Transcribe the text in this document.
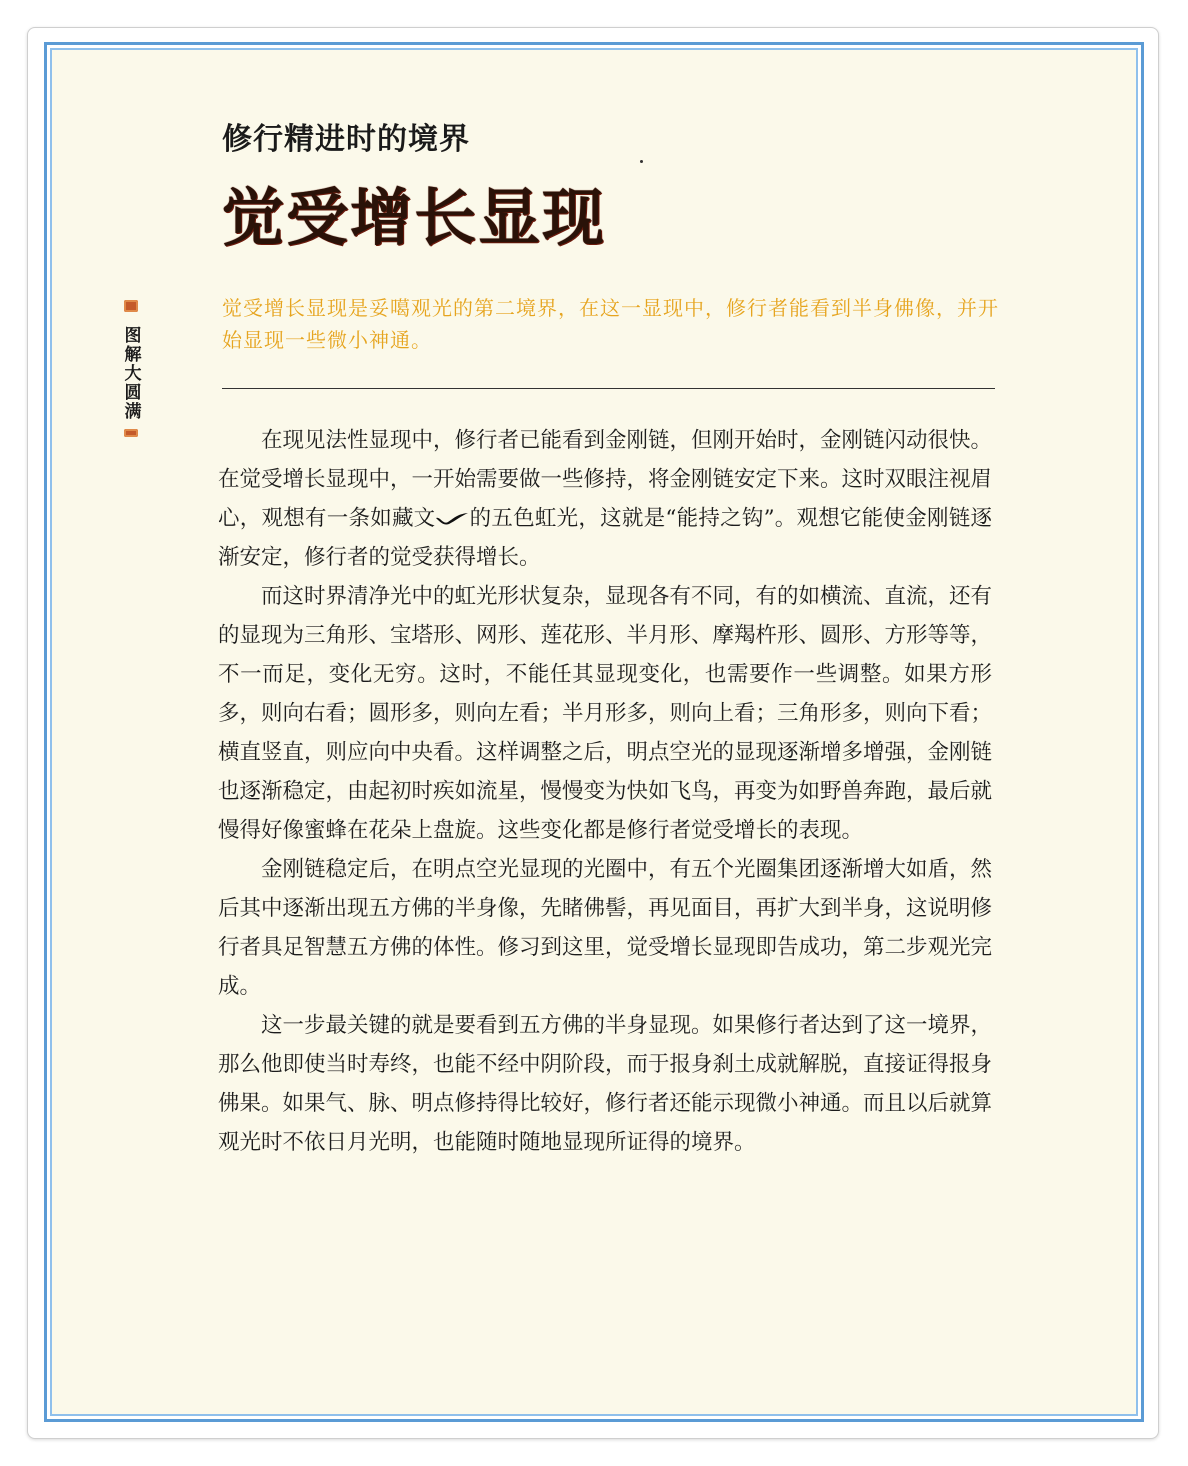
修行精进时的境界
觉受增长显现
图解大圆满

觉受增长显现是妥噶观光的第二境界，在这一显现中，修行者能看到半身佛像，并开始显现一些微小神通。

在现见法性显现中，修行者已能看到金刚链，但刚开始时，金刚链闪动很快。在觉受增长显现中，一开始需要做一些修持，将金刚链安定下来。这时双眼注视眉心，观想有一条如藏文 的五色虹光，这就是“能持之钩”。观想它能使金刚链逐渐安定，修行者的觉受获得增长。

而这时界清净光中的虹光形状复杂，显现各有不同，有的如横流、直流，还有的显现为三角形、宝塔形、网形、莲花形、半月形、摩羯杵形、圆形、方形等等，不一而足，变化无穷。这时，不能任其显现变化，也需要作一些调整。如果方形多，则向右看；圆形多，则向左看；半月形多，则向上看；三角形多，则向下看；横直竖直，则应向中央看。这样调整之后，明点空光的显现逐渐增多增强，金刚链也逐渐稳定，由起初时疾如流星，慢慢变为快如飞鸟，再变为如野兽奔跑，最后就慢得好像蜜蜂在花朵上盘旋。这些变化都是修行者觉受增长的表现。

金刚链稳定后，在明点空光显现的光圈中，有五个光圈集团逐渐增大如盾，然后其中逐渐出现五方佛的半身像，先睹佛髻，再见面目，再扩大到半身，这说明修行者具足智慧五方佛的体性。修习到这里，觉受增长显现即告成功，第二步观光完成。

这一步最关键的就是要看到五方佛的半身显现。如果修行者达到了这一境界，那么他即使当时寿终，也能不经中阴阶段，而于报身刹土成就解脱，直接证得报身佛果。如果气、脉、明点修持得比较好，修行者还能示现微小神通。而且以后就算观光时不依日月光明，也能随时随地显现所证得的境界。
